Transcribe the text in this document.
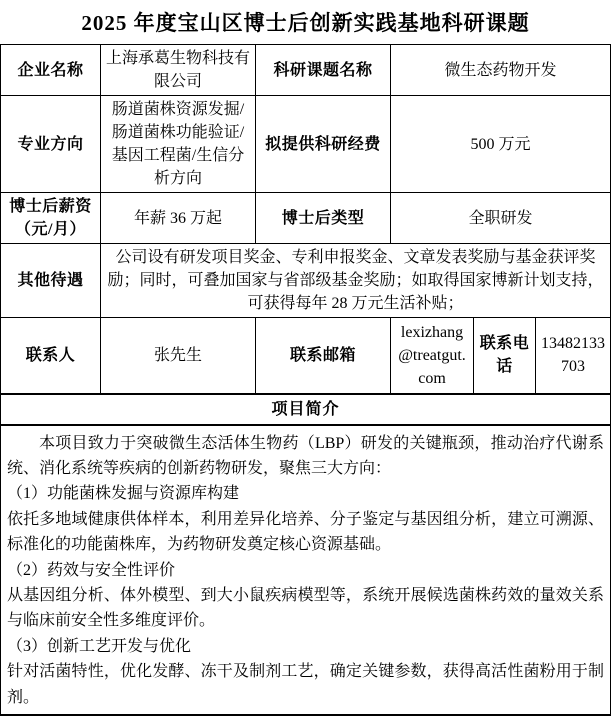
2025 年度宝山区博士后创新实践基地科研课题
企业名称	上海承葛生物科技有限公司	科研课题名称	微生态药物开发		
专业方向	肠道菌株资源发掘/肠道菌株功能验证/基因工程菌/生信分析方向	拟提供科研经费	500 万元		
博士后薪资（元/月）	年薪 36 万起	博士后类型	全职研发		
其他待遇	公司设有研发项目奖金、专利申报奖金、文章发表奖励与基金获评奖励；同时，可叠加国家与省部级基金奖励；如取得国家博新计划支持，可获得每年 28 万元生活补贴；				
联系人	张先生	联系邮箱	lexizhang@treatgut.com	联系电话	13482133703
项目简介					

本项目致力于突破微生态活体生物药（LBP）研发的关键瓶颈，推动治疗代谢系统、消化系统等疾病的创新药物研发，聚焦三大方向：

（1）功能菌株发掘与资源库构建

依托多地域健康供体样本，利用差异化培养、分子鉴定与基因组分析，建立可溯源、标准化的功能菌株库，为药物研发奠定核心资源基础。

（2）药效与安全性评价

从基因组分析、体外模型、到大小鼠疾病模型等，系统开展候选菌株药效的量效关系与临床前安全性多维度评价。

（3）创新工艺开发与优化

针对活菌特性，优化发酵、冻干及制剂工艺，确定关键参数，获得高活性菌粉用于制剂。
